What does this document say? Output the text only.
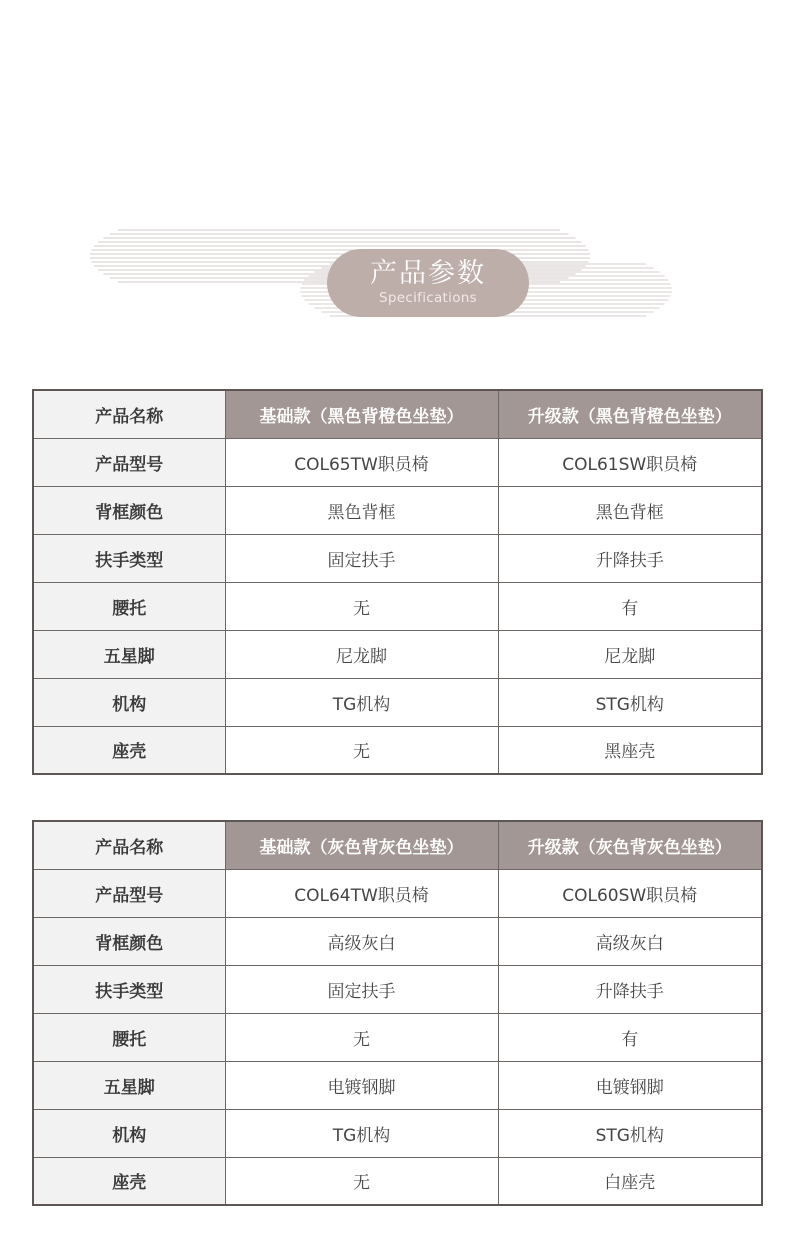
产品参数
Specifications
产品名称	基础款（黑色背橙色坐垫）	升级款（黑色背橙色坐垫）
产品型号	COL65TW职员椅	COL61SW职员椅
背框颜色	黑色背框	黑色背框
扶手类型	固定扶手	升降扶手
腰托	无	有
五星脚	尼龙脚	尼龙脚
机构	TG机构	STG机构
座壳	无	黑座壳
产品名称	基础款（灰色背灰色坐垫）	升级款（灰色背灰色坐垫）
产品型号	COL64TW职员椅	COL60SW职员椅
背框颜色	高级灰白	高级灰白
扶手类型	固定扶手	升降扶手
腰托	无	有
五星脚	电镀钢脚	电镀钢脚
机构	TG机构	STG机构
座壳	无	白座壳
